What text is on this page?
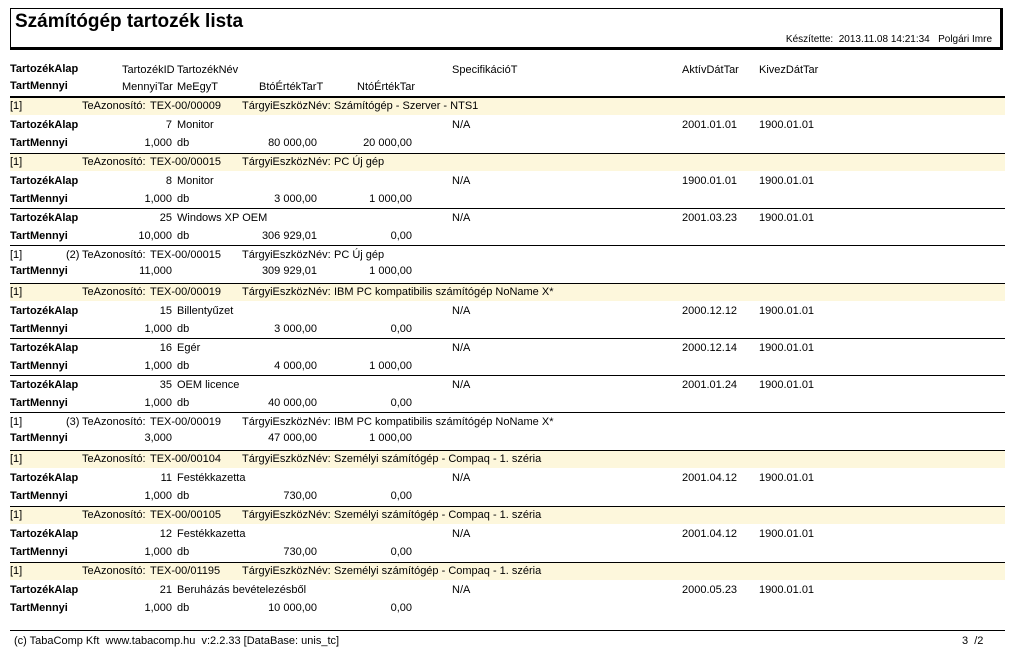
Számítógép tartozék lista
Készítette: 2013.11.08 14:21:34 Polgári Imre
TartozékAlap	TartozékID TartozékNév	SpecifikációT	AktívDátTar KivezDátTar
TartMennyi	MennyiTar MeEgyT	BtóÉrtékTarT	NtóÉrtékTar
[1]	TeAzonosító: TEX-00/00009 TárgyiEszközNév: Számítógép - Szerver - NTS1
TartozékAlap	7 Monitor	N/A	2001.01.01 1900.01.01
TartMennyi	1,000 db	80 000,00	20 000,00
[1]	TeAzonosító: TEX-00/00015 TárgyiEszközNév: PC Új gép
TartozékAlap	8 Monitor	N/A	1900.01.01 1900.01.01
TartMennyi	1,000 db	3 000,00	1 000,00
TartozékAlap	25 Windows XP OEM	N/A	2001.03.23 1900.01.01
TartMennyi	10,000 db	306 929,01	0,00
[1]	(2) TeAzonosító: TEX-00/00015 TárgyiEszközNév: PC Új gép
TartMennyi	11,000	309 929,01	1 000,00
[1]	TeAzonosító: TEX-00/00019 TárgyiEszközNév: IBM PC kompatibilis számítógép NoName X*
TartozékAlap	15 Billentyűzet	N/A	2000.12.12 1900.01.01
TartMennyi	1,000 db	3 000,00	0,00
TartozékAlap	16 Egér	N/A	2000.12.14 1900.01.01
TartMennyi	1,000 db	4 000,00	1 000,00
TartozékAlap	35 OEM licence	N/A	2001.01.24 1900.01.01
TartMennyi	1,000 db	40 000,00	0,00
[1]	(3) TeAzonosító: TEX-00/00019 TárgyiEszközNév: IBM PC kompatibilis számítógép NoName X*
TartMennyi	3,000	47 000,00	1 000,00
[1]	TeAzonosító: TEX-00/00104 TárgyiEszközNév: Személyi számítógép - Compaq - 1. széria
TartozékAlap	11 Festékkazetta	N/A	2001.04.12 1900.01.01
TartMennyi	1,000 db	730,00	0,00
[1]	TeAzonosító: TEX-00/00105 TárgyiEszközNév: Személyi számítógép - Compaq - 1. széria
TartozékAlap	12 Festékkazetta	N/A	2001.04.12 1900.01.01
TartMennyi	1,000 db	730,00	0,00
[1]	TeAzonosító: TEX-00/01195 TárgyiEszközNév: Személyi számítógép - Compaq - 1. széria
TartozékAlap	21 Beruházás bevételezésből	N/A	2000.05.23 1900.01.01
TartMennyi	1,000 db	10 000,00	0,00
(c) TabaComp Kft  www.tabacomp.hu  v:2.2.33 [DataBase: unis_tc]	3  /2
